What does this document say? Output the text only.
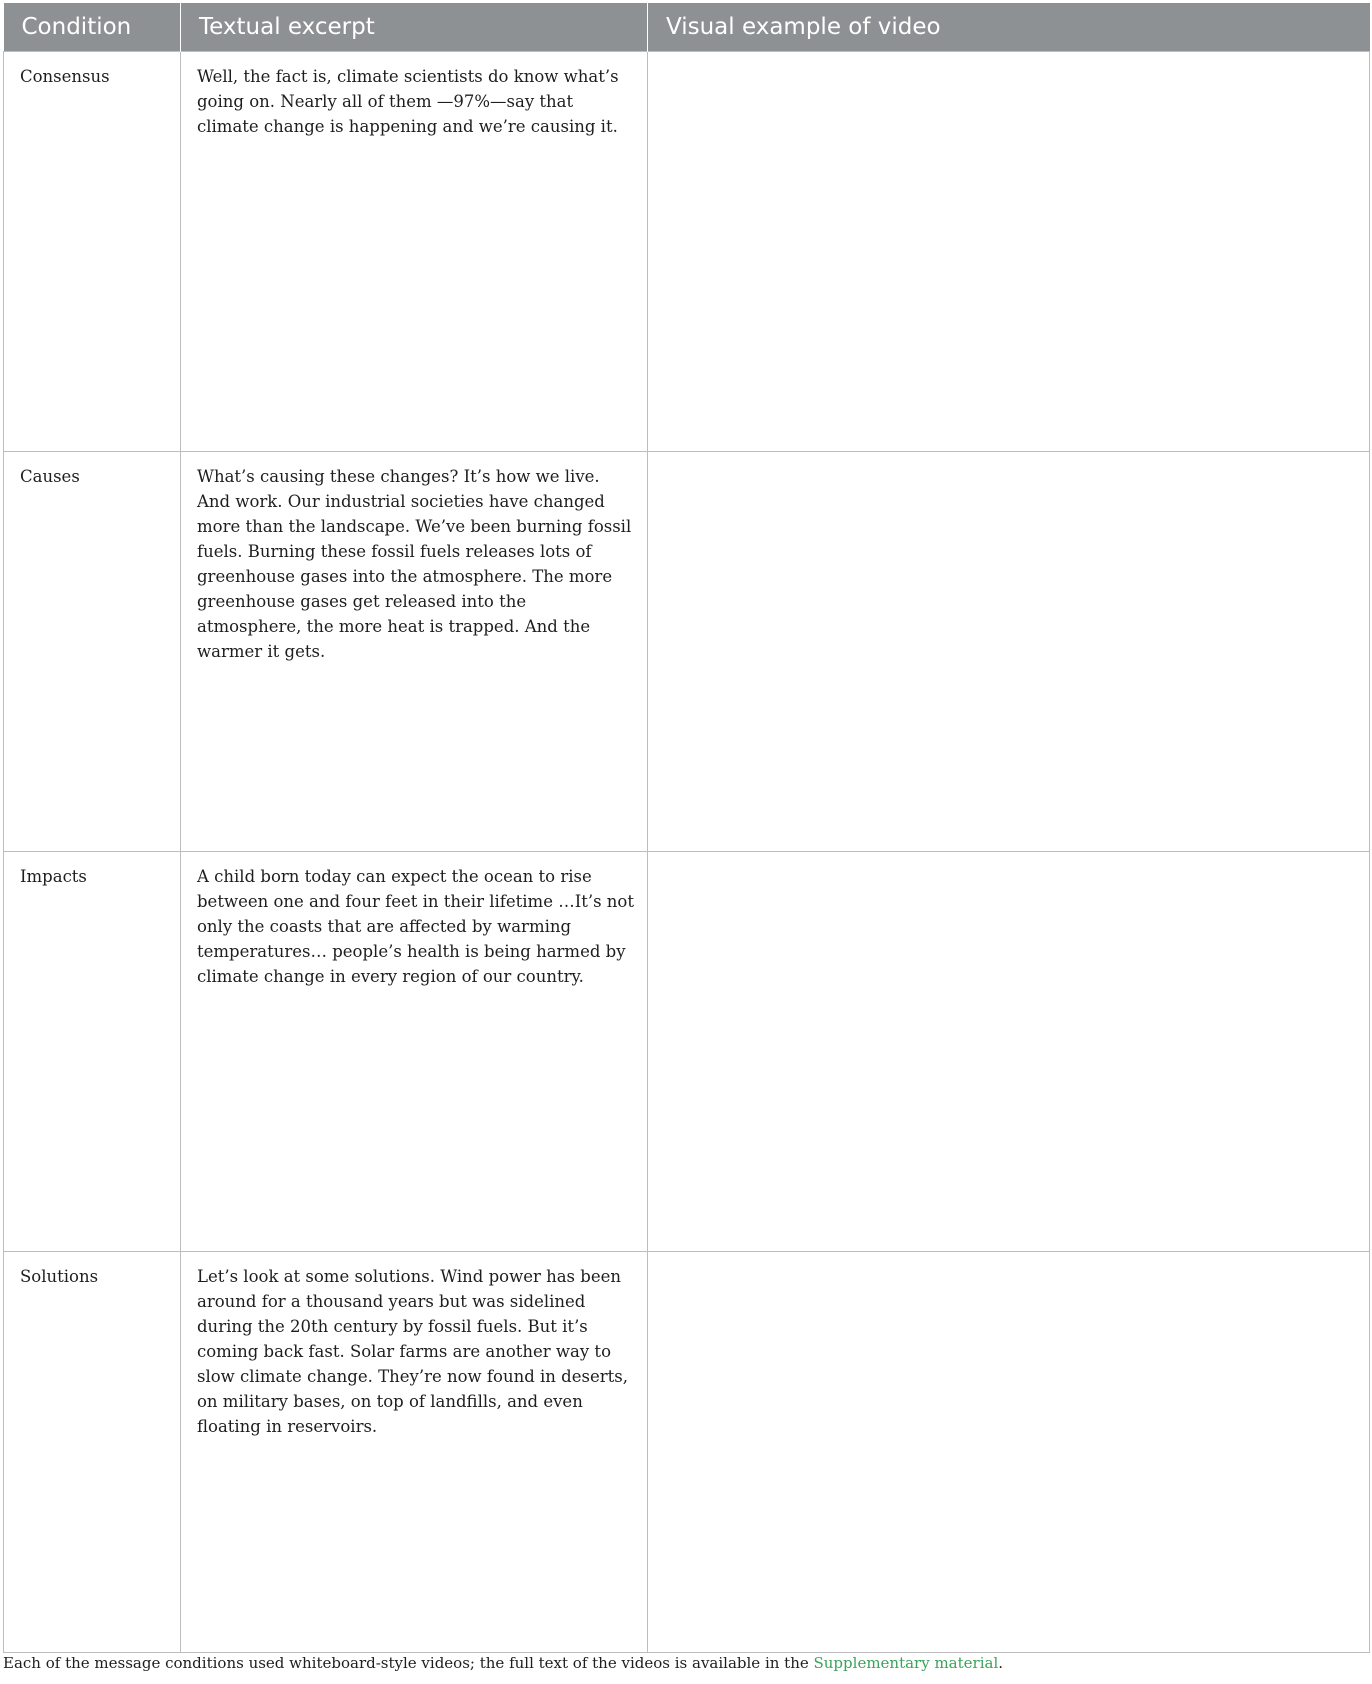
Condition	Textual excerpt	Visual example of video
Consensus	Well, the fact is, climate scientists do know what’s going on. Nearly all of them —97%—say that climate change is happening and we’re causing it.	

Causes	What’s causing these changes? It’s how we live. And work. Our industrial societies have changed more than the landscape. We’ve been burning fossil fuels. Burning these fossil fuels releases lots of greenhouse gases into the atmosphere. The more greenhouse gases get released into the atmosphere, the more heat is trapped. And the warmer it gets.	

Impacts	A child born today can expect the ocean to rise between one and four feet in their lifetime …It’s not only the coasts that are affected by warming temperatures… people’s health is being harmed by climate change in every region of our country.	

Solutions	Let’s look at some solutions. Wind power has been around for a thousand years but was sidelined during the 20th century by fossil fuels. But it’s coming back fast. Solar farms are another way to slow climate change. They’re now found in deserts, on military bases, on top of landfills, and even floating in reservoirs.	
Each of the message conditions used whiteboard-style videos; the full text of the videos is available in the Supplementary material.
